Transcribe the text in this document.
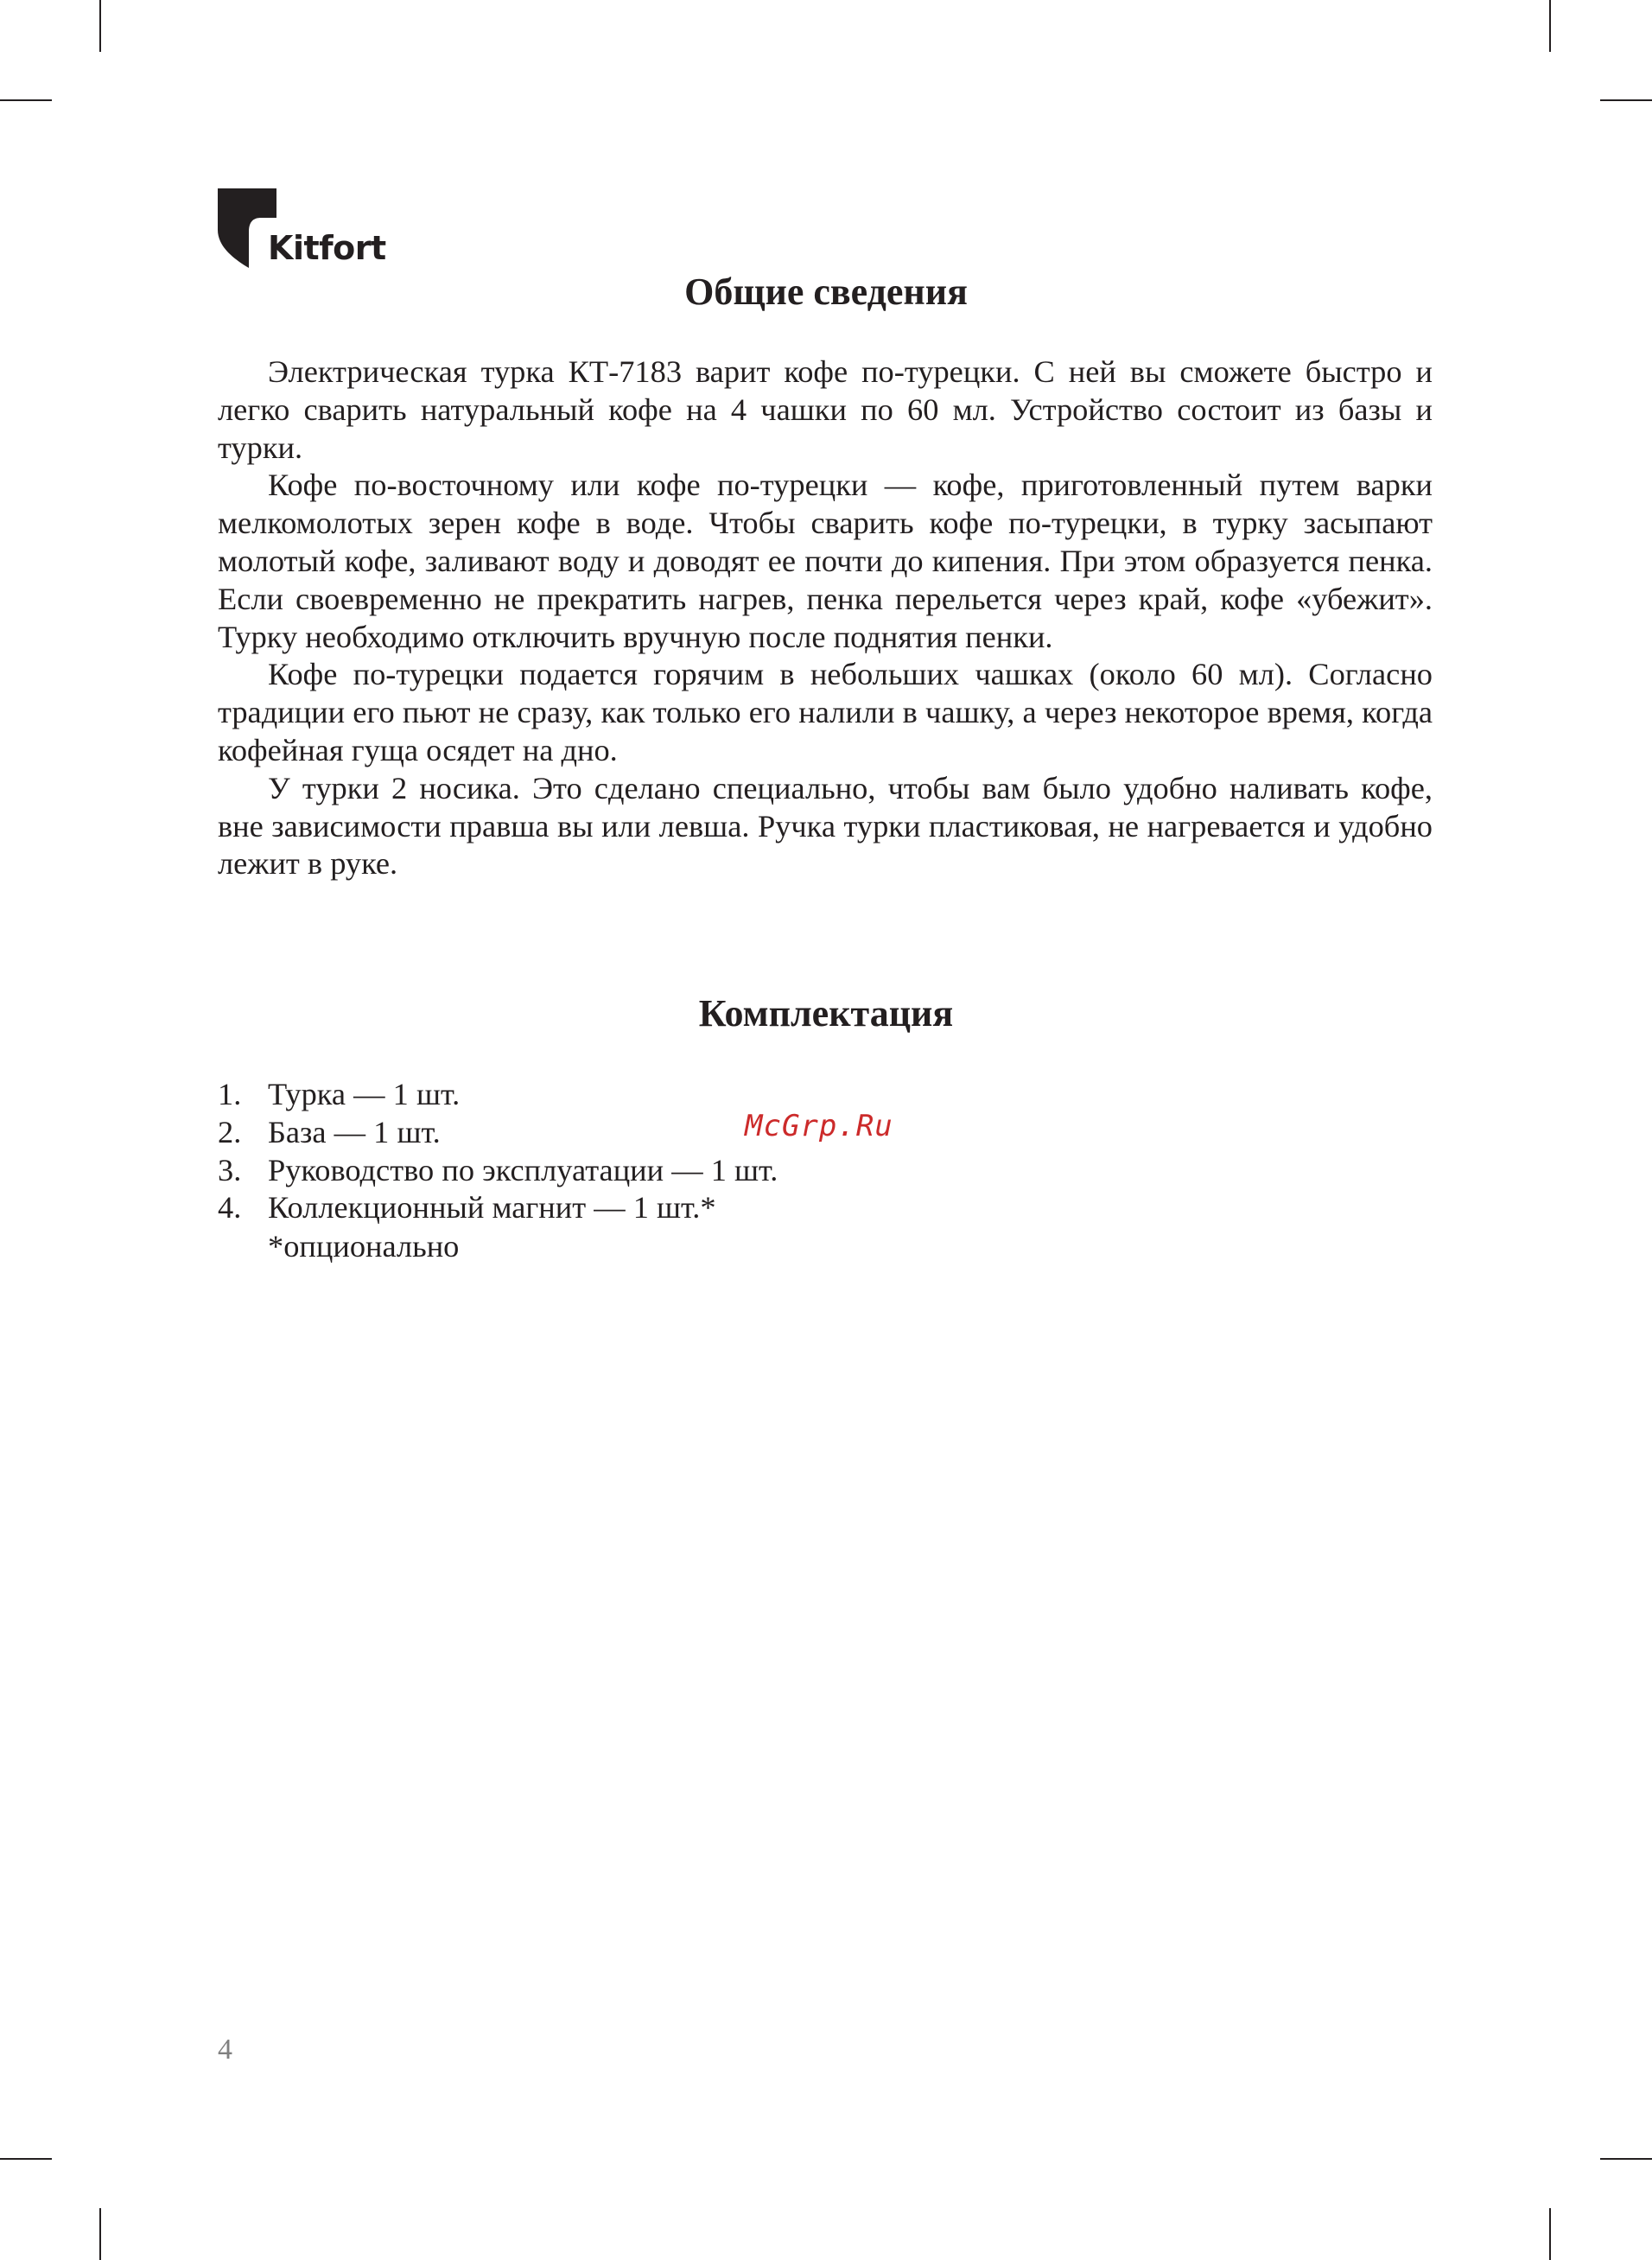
Kitfort
Общие сведения

Электрическая турка КТ-7183 варит кофе по-турецки. С ней вы сможете быстро и легко сварить натуральный кофе на 4 чашки по 60 мл. Устройство состоит из базы и турки.

Кофе по-восточному или кофе по-турецки — кофе, приготовленный путем варки мелкомолотых зерен кофе в воде. Чтобы сварить кофе по-турецки, в турку засыпают молотый кофе, заливают воду и доводят ее почти до кипения. При этом образуется пенка. Если своевременно не прекратить нагрев, пенка перельется через край, кофе «убежит». Турку необходимо отключить вручную после поднятия пенки.

Кофе по-турецки подается горячим в небольших чашках (около 60 мл). Согласно традиции его пьют не сразу, как только его налили в чашку, а через некоторое время, когда кофейная гуща осядет на дно.

У турки 2 носика. Это сделано специально, чтобы вам было удобно наливать кофе, вне зависимости правша вы или левша. Ручка турки пластиковая, не нагревается и удобно лежит в руке.

Комплектация
1. Турка — 1 шт.
2. База — 1 шт.
3. Руководство по эксплуатации — 1 шт.
4. Коллекционный магнит — 1 шт.*
*опционально
McGrp.Ru
4
